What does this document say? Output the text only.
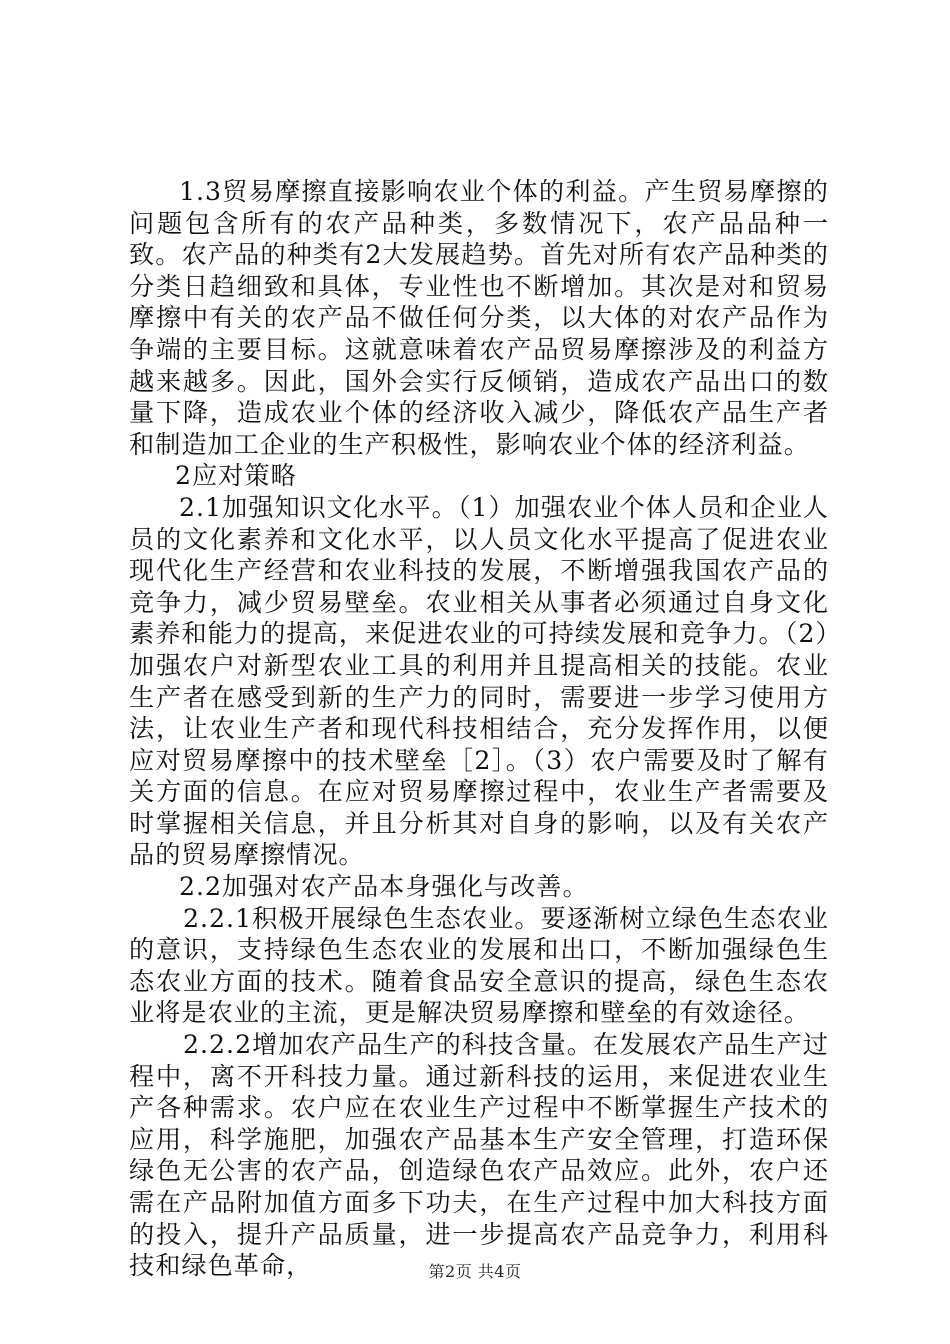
1.3贸易摩擦直接影响农业个体的利益。产生贸易摩擦的问题包含所有的农产品种类，多数情况下，农产品品种一致。农产品的种类有2大发展趋势。首先对所有农产品种类的分类日趋细致和具体，专业性也不断增加。其次是对和贸易摩擦中有关的农产品不做任何分类，以大体的对农产品作为争端的主要目标。这就意味着农产品贸易摩擦涉及的利益方越来越多。因此，国外会实行反倾销，造成农产品出口的数量下降，造成农业个体的经济收入减少，降低农产品生产者和制造加工企业的生产积极性，影响农业个体的经济利益。

2应对策略

2.1加强知识文化水平。（1）加强农业个体人员和企业人员的文化素养和文化水平，以人员文化水平提高了促进农业现代化生产经营和农业科技的发展，不断增强我国农产品的竞争力，减少贸易壁垒。农业相关从事者必须通过自身文化素养和能力的提高，来促进农业的可持续发展和竞争力。（2）加强农户对新型农业工具的利用并且提高相关的技能。农业生产者在感受到新的生产力的同时，需要进一步学习使用方法，让农业生产者和现代科技相结合，充分发挥作用，以便应对贸易摩擦中的技术壁垒［2］。（3）农户需要及时了解有关方面的信息。在应对贸易摩擦过程中，农业生产者需要及时掌握相关信息，并且分析其对自身的影响，以及有关农产品的贸易摩擦情况。

2.2加强对农产品本身强化与改善。

2.2.1积极开展绿色生态农业。要逐渐树立绿色生态农业的意识，支持绿色生态农业的发展和出口，不断加强绿色生态农业方面的技术。随着食品安全意识的提高，绿色生态农业将是农业的主流，更是解决贸易摩擦和壁垒的有效途径。

2.2.2增加农产品生产的科技含量。在发展农产品生产过程中，离不开科技力量。通过新科技的运用，来促进农业生产各种需求。农户应在农业生产过程中不断掌握生产技术的应用，科学施肥，加强农产品基本生产安全管理，打造环保绿色无公害的农产品，创造绿色农产品效应。此外，农户还需在产品附加值方面多下功夫，在生产过程中加大科技方面的投入，提升产品质量，进一步提高农产品竞争力，利用科技和绿色革命，	第2页 共4页
